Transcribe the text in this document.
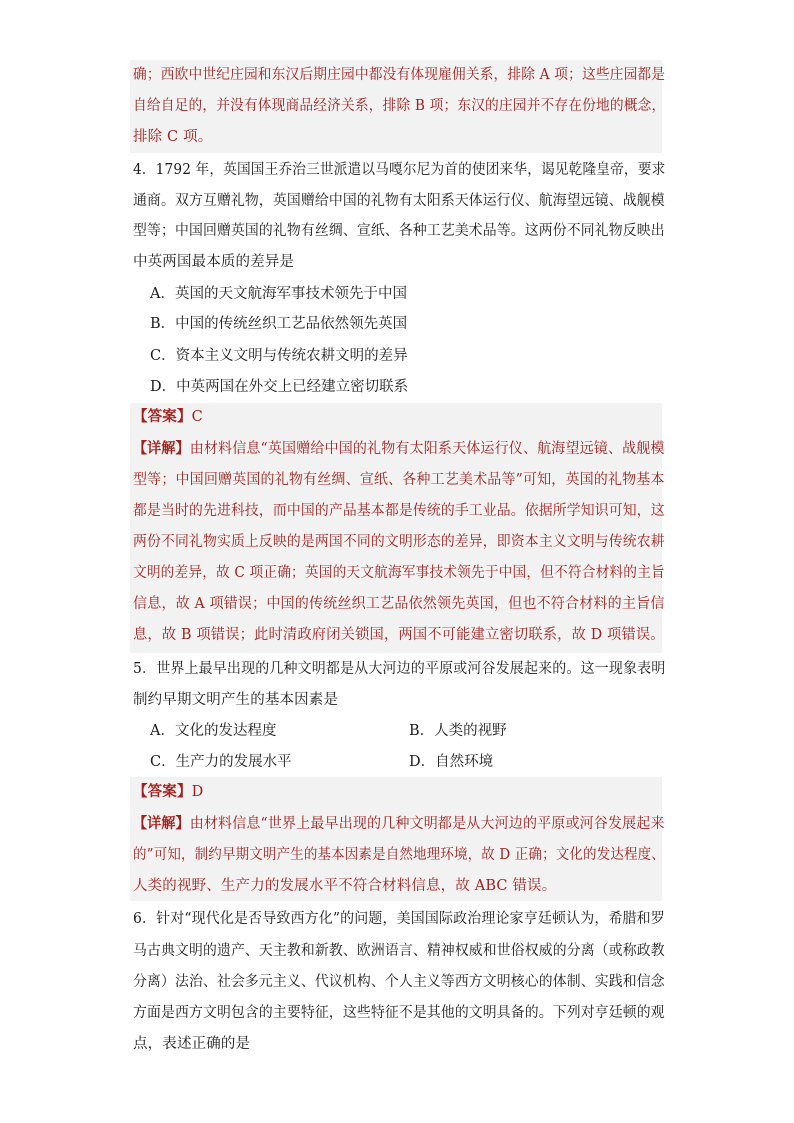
确；西欧中世纪庄园和东汉后期庄园中都没有体现雇佣关系，排除 A 项；这些庄园都是
自给自足的，并没有体现商品经济关系，排除 B 项；东汉的庄园并不存在份地的概念，
排除 C 项。
4．1792 年，英国国王乔治三世派遣以马嘎尔尼为首的使团来华，谒见乾隆皇帝，要求
通商。双方互赠礼物，英国赠给中国的礼物有太阳系天体运行仪、航海望远镜、战舰模
型等；中国回赠英国的礼物有丝绸、宣纸、各种工艺美术品等。这两份不同礼物反映出
中英两国最本质的差异是
A．英国的天文航海军事技术领先于中国
B．中国的传统丝织工艺品依然领先英国
C．资本主义文明与传统农耕文明的差异
D．中英两国在外交上已经建立密切联系
【答案】C
【详解】由材料信息“英国赠给中国的礼物有太阳系天体运行仪、航海望远镜、战舰模
型等；中国回赠英国的礼物有丝绸、宣纸、各种工艺美术品等”可知，英国的礼物基本
都是当时的先进科技，而中国的产品基本都是传统的手工业品。依据所学知识可知，这
两份不同礼物实质上反映的是两国不同的文明形态的差异，即资本主义文明与传统农耕
文明的差异，故 C 项正确；英国的天文航海军事技术领先于中国，但不符合材料的主旨
信息，故 A 项错误；中国的传统丝织工艺品依然领先英国，但也不符合材料的主旨信
息，故 B 项错误；此时清政府闭关锁国，两国不可能建立密切联系，故 D 项错误。
5．世界上最早出现的几种文明都是从大河边的平原或河谷发展起来的。这一现象表明
制约早期文明产生的基本因素是
A．文化的发达程度	B．人类的视野
C．生产力的发展水平	D．自然环境
【答案】D
【详解】由材料信息“世界上最早出现的几种文明都是从大河边的平原或河谷发展起来
的”可知，制约早期文明产生的基本因素是自然地理环境，故 D 正确；文化的发达程度、
人类的视野、生产力的发展水平不符合材料信息，故 ABC 错误。
6．针对“现代化是否导致西方化”的问题，美国国际政治理论家亨廷顿认为，希腊和罗
马古典文明的遗产、天主教和新教、欧洲语言、精神权威和世俗权威的分离（或称政教
分离）法治、社会多元主义、代议机构、个人主义等西方文明核心的体制、实践和信念
方面是西方文明包含的主要特征，这些特征不是其他的文明具备的。下列对亨廷顿的观
点，表述正确的是
